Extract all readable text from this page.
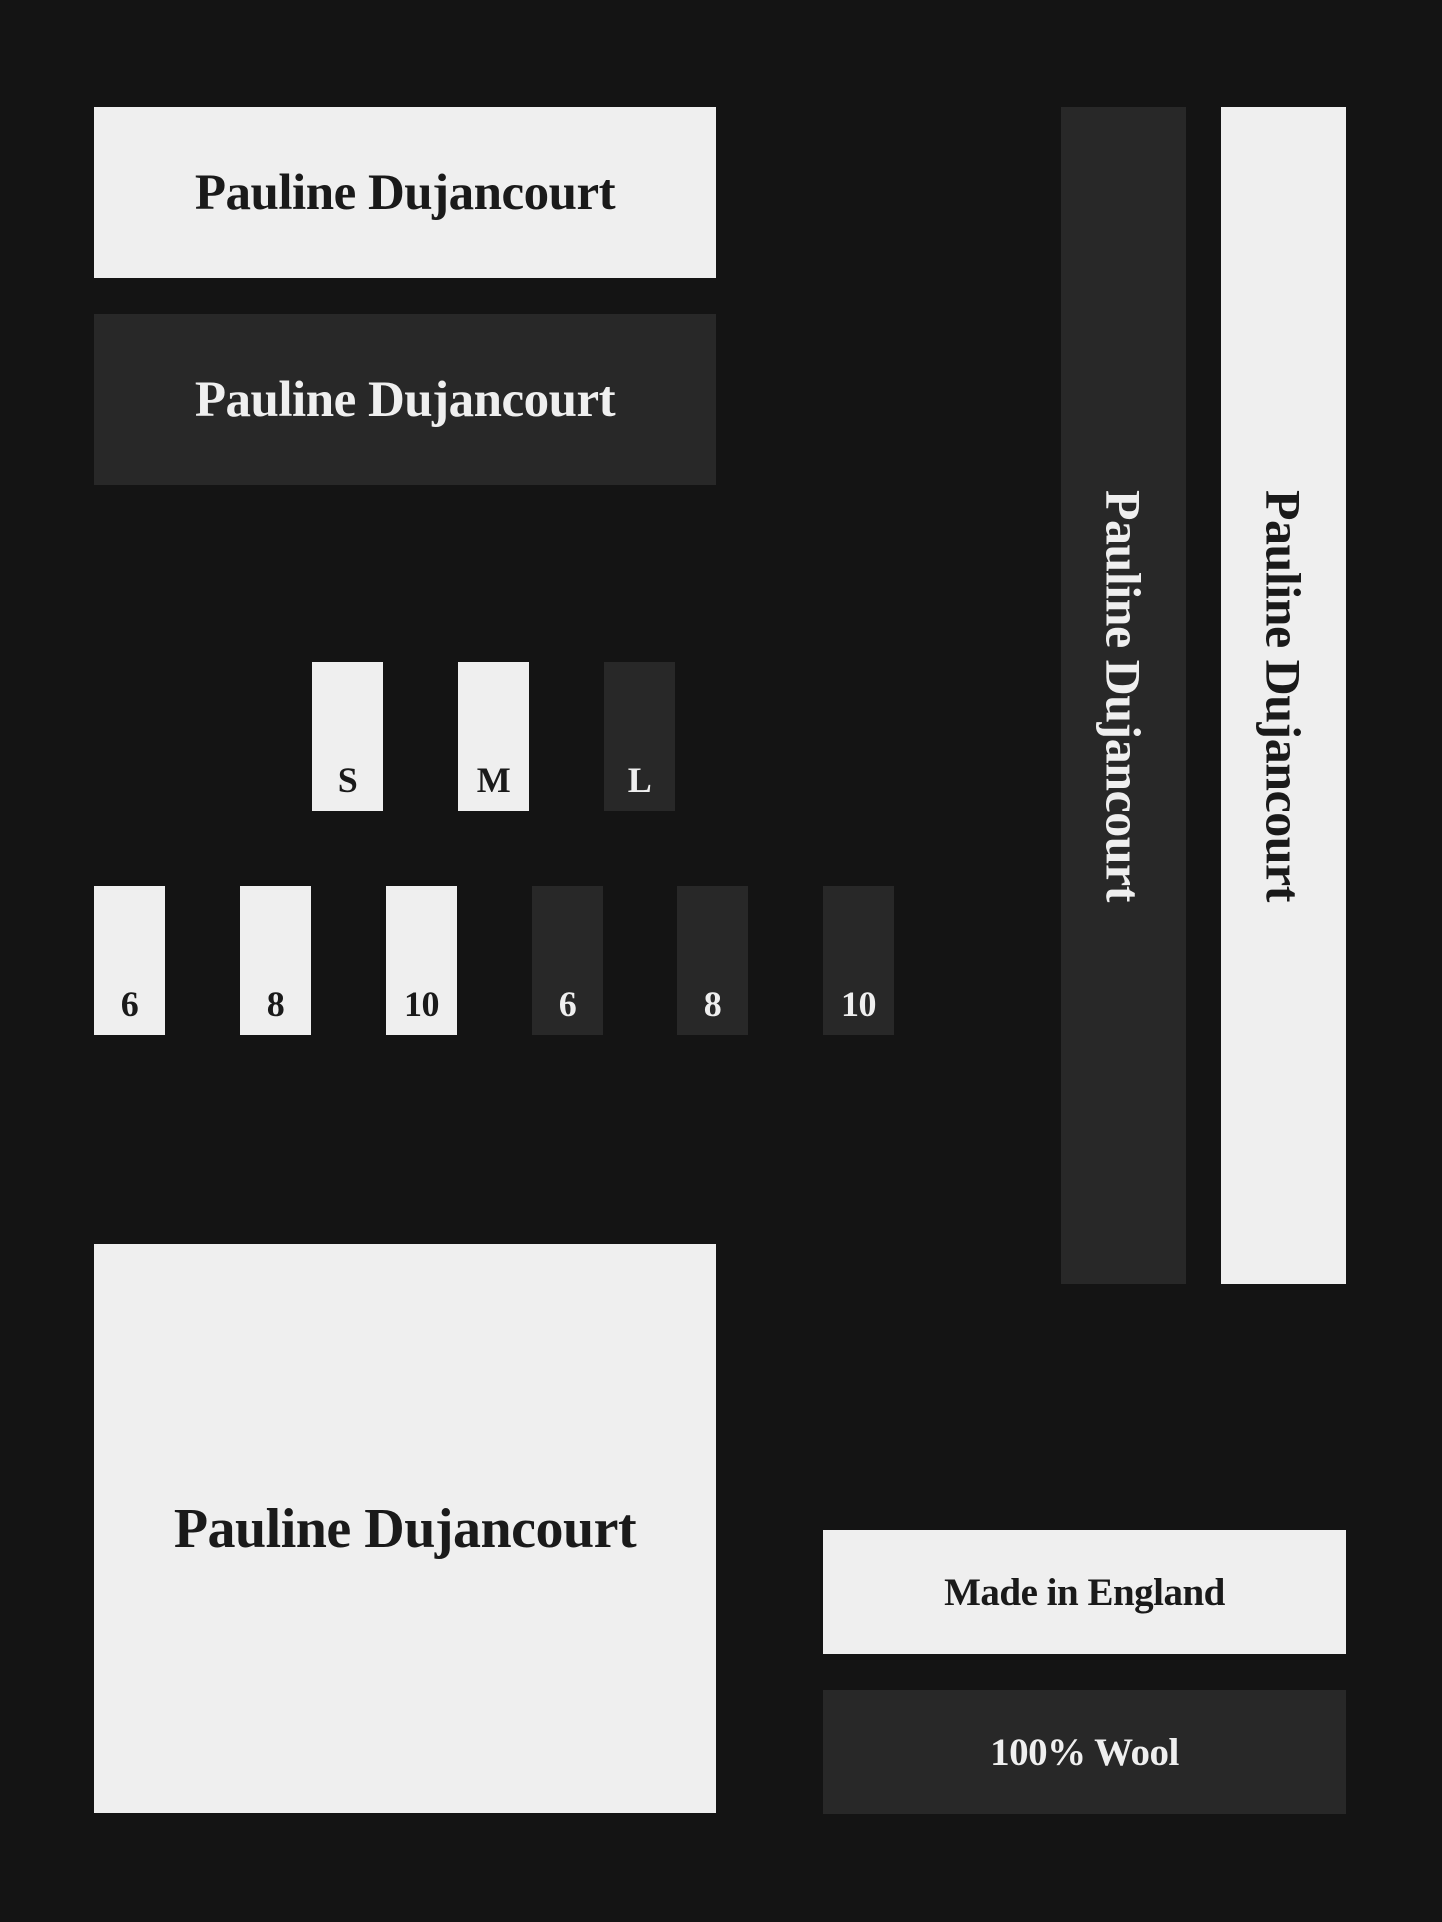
Pauline Dujancourt
Pauline Dujancourt
Pauline Dujancourt Pauline Dujancourt
S	M	L
6	8	10	6	8	10
Pauline Dujancourt
Made in England
100% Wool
